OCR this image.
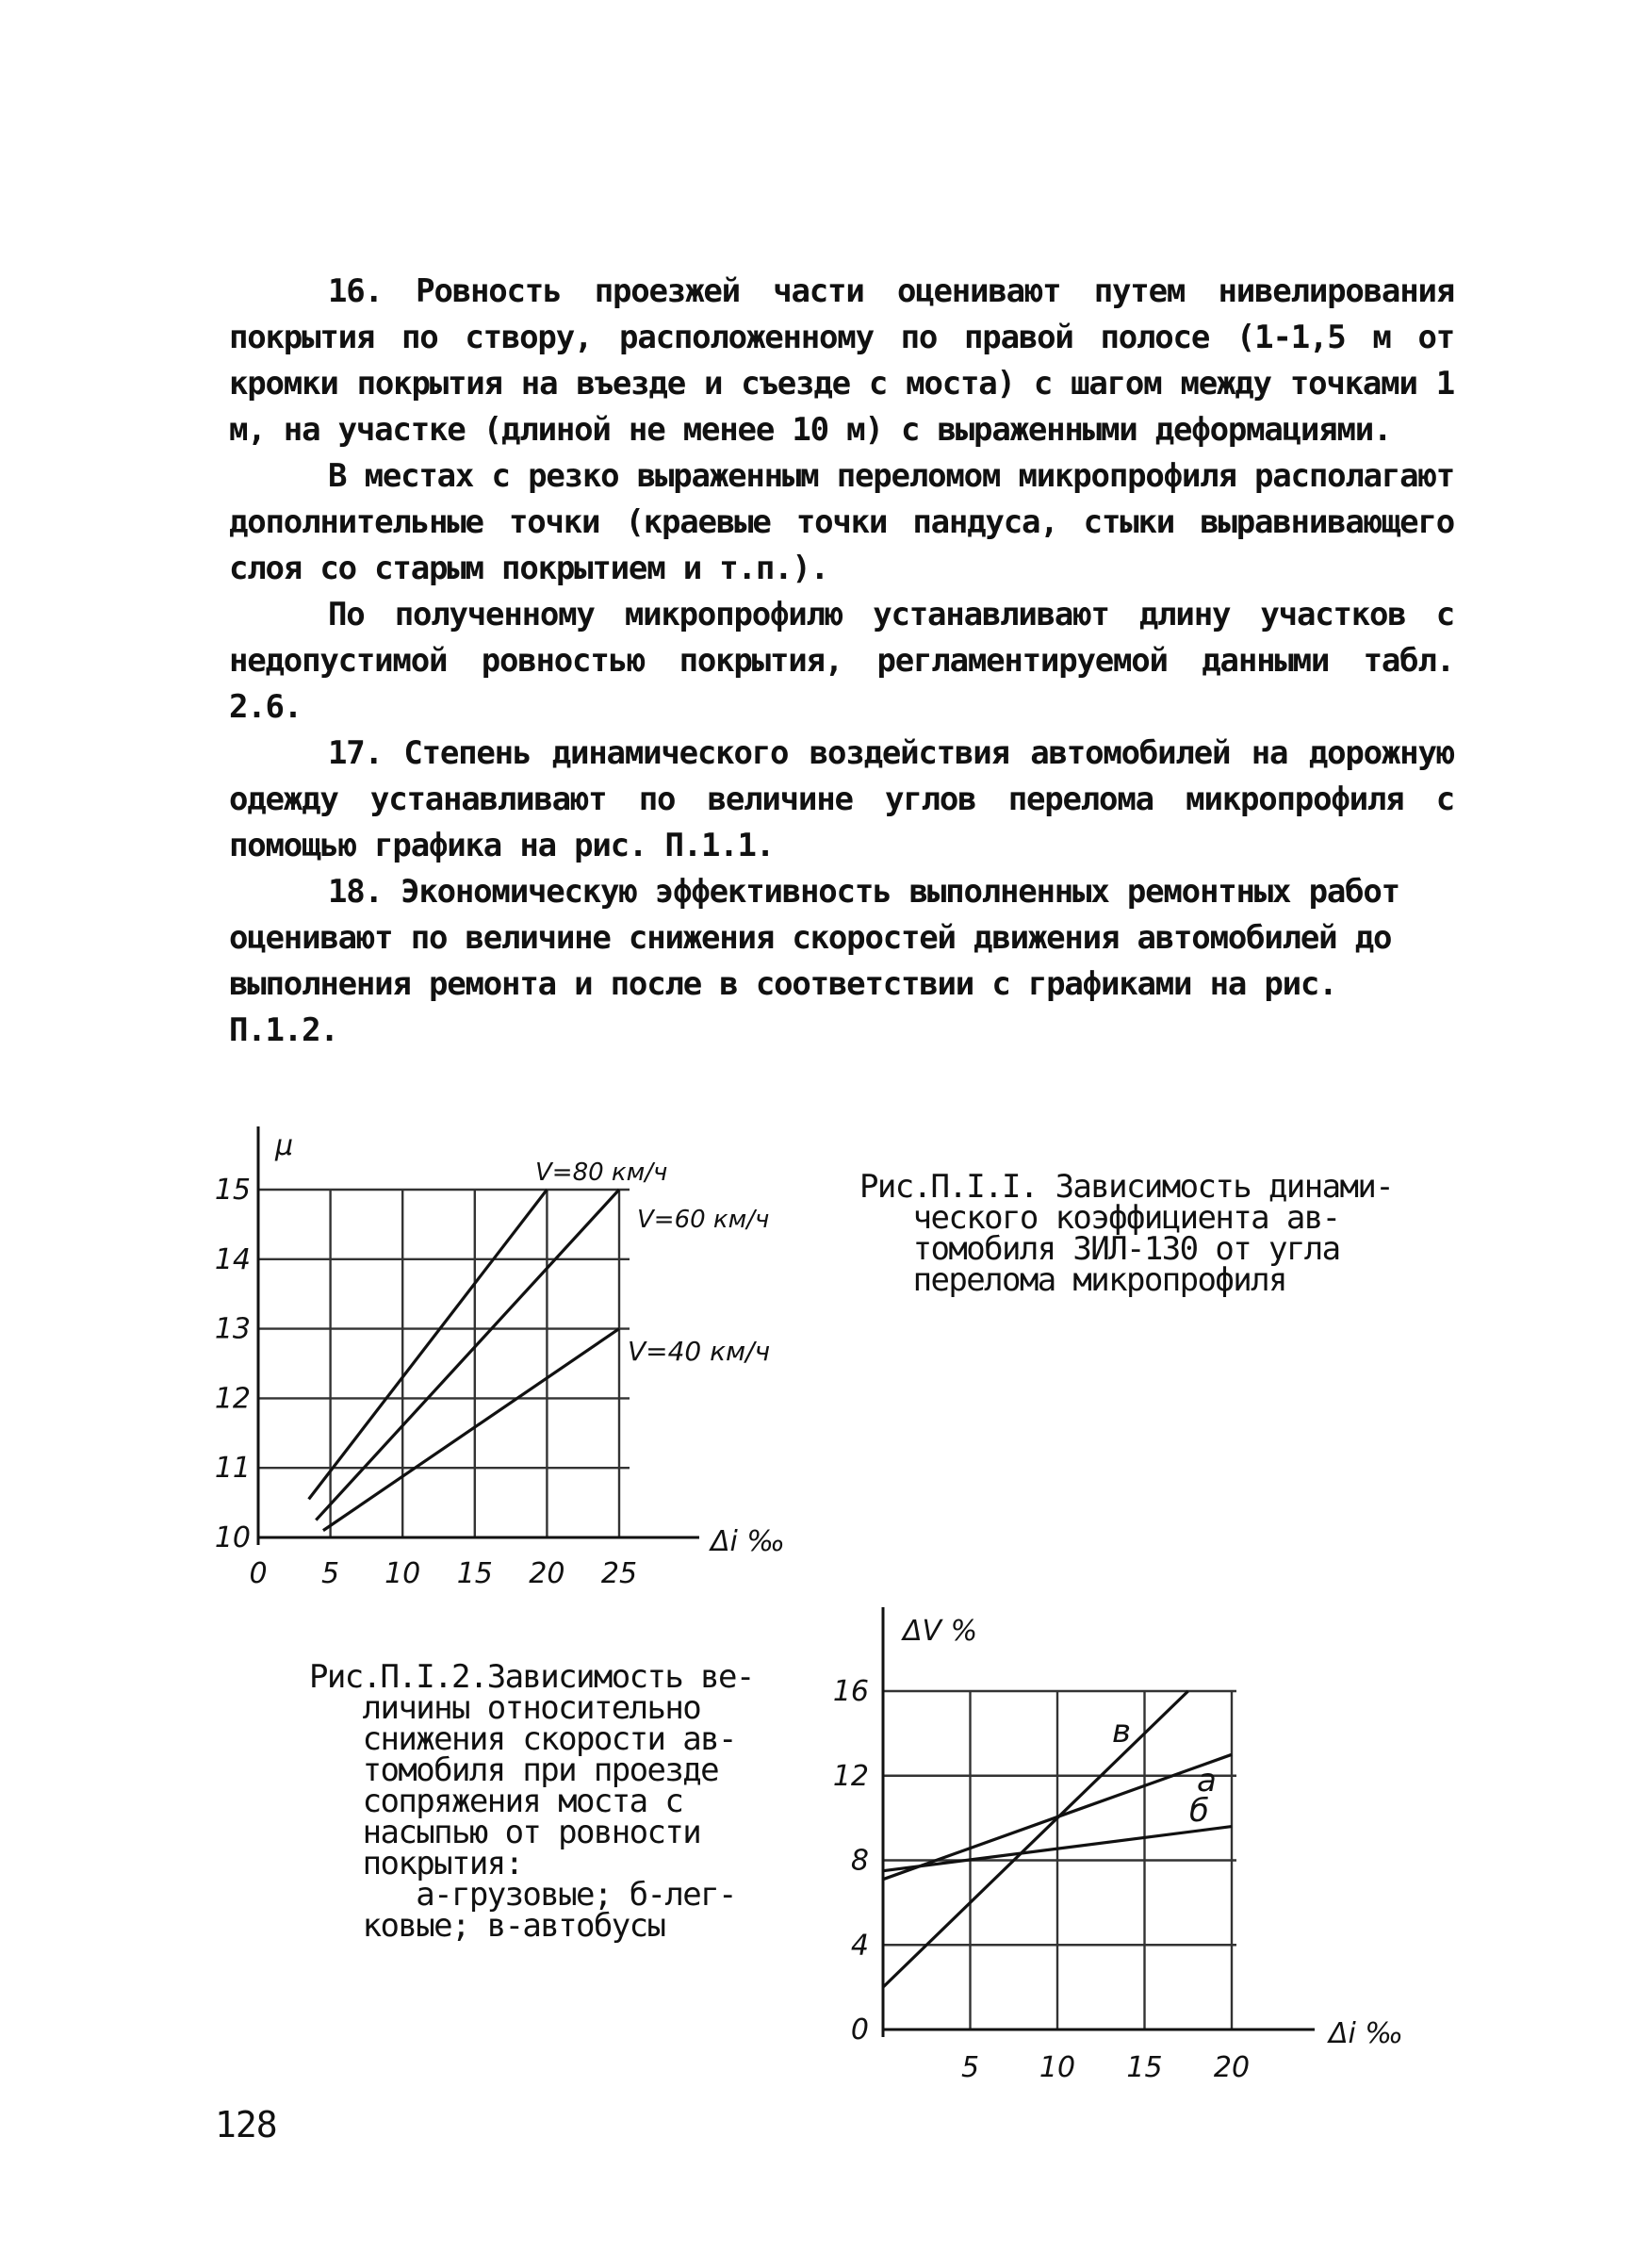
16. Ровность проезжей части оценивают путем нивелирования покрытия по створу, расположенному по правой полосе (1-1,5 м от кромки покрытия на въезде и съезде с моста) с шагом между точками 1 м, на участке (длиной не менее 10 м) с выраженными деформациями.

В местах с резко выраженным переломом микропрофиля располагают дополнительные точки (краевые точки пандуса, стыки выравнивающего слоя со старым покрытием и т.п.).

По полученному микропрофилю устанавливают длину участков с недопустимой ровностью покрытия, регламентируемой данными табл. 2.6.

17. Степень динамического воздействия автомобилей на дорожную одежду устанавливают по величине углов перелома микропрофиля с помощью графика на рис. П.1.1.

18. Экономическую эффективность выполненных ремонтных работ оценивают по величине снижения скоростей движения автомобилей до выполнения ремонта и после в соответствии с графиками на рис. П.1.2.

0 5 10 15 20 25
10
11
12
13
14
15
Δi ‰
μ
V=80 км/ч
V=60 км/ч
V=40 км/ч
5 10 15 20
0
4
8
12
16
Δi ‰
ΔV %
а
б
в
Рис.П.I.I. Зависимость динами-
ческого коэффициента ав-
томобиля ЗИЛ-130 от угла
перелома микропрофиля
Рис.П.I.2.Зависимость ве-
личины относительно
снижения скорости ав-
томобиля при проезде
сопряжения моста с
насыпью от ровности
покрытия:
а-грузовые; б-лег-
ковые; в-автобусы
128
